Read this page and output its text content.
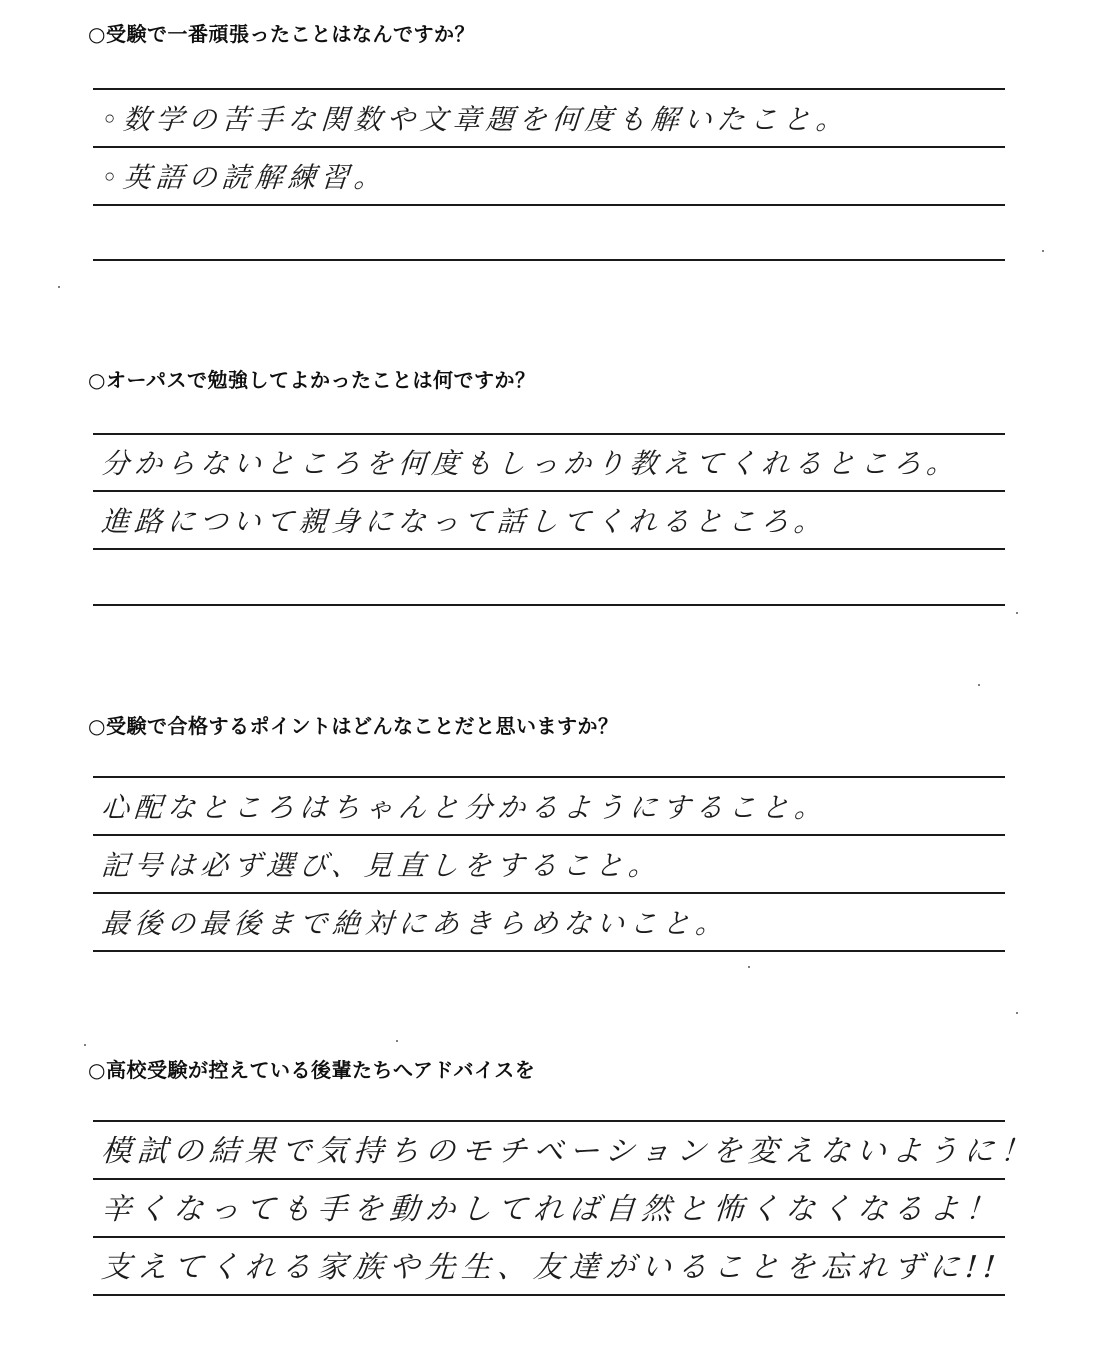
○受験で一番頑張ったことはなんですか？

◦数学の苦手な関数や文章題を何度も解いたこと。

◦英語の読解練習。

○オーパスで勉強してよかったことは何ですか？

分からないところを何度もしっかり教えてくれるところ。

進路について親身になって話してくれるところ。

○受験で合格するポイントはどんなことだと思いますか？

心配なところはちゃんと分かるようにすること。

記号は必ず選び、見直しをすること。

最後の最後まで絶対にあきらめないこと。

○高校受験が控えている後輩たちへアドバイスを

模試の結果で気持ちのモチベーションを変えないように！

辛くなっても手を動かしてれば自然と怖くなくなるよ！

支えてくれる家族や先生、友達がいることを忘れずに!!
